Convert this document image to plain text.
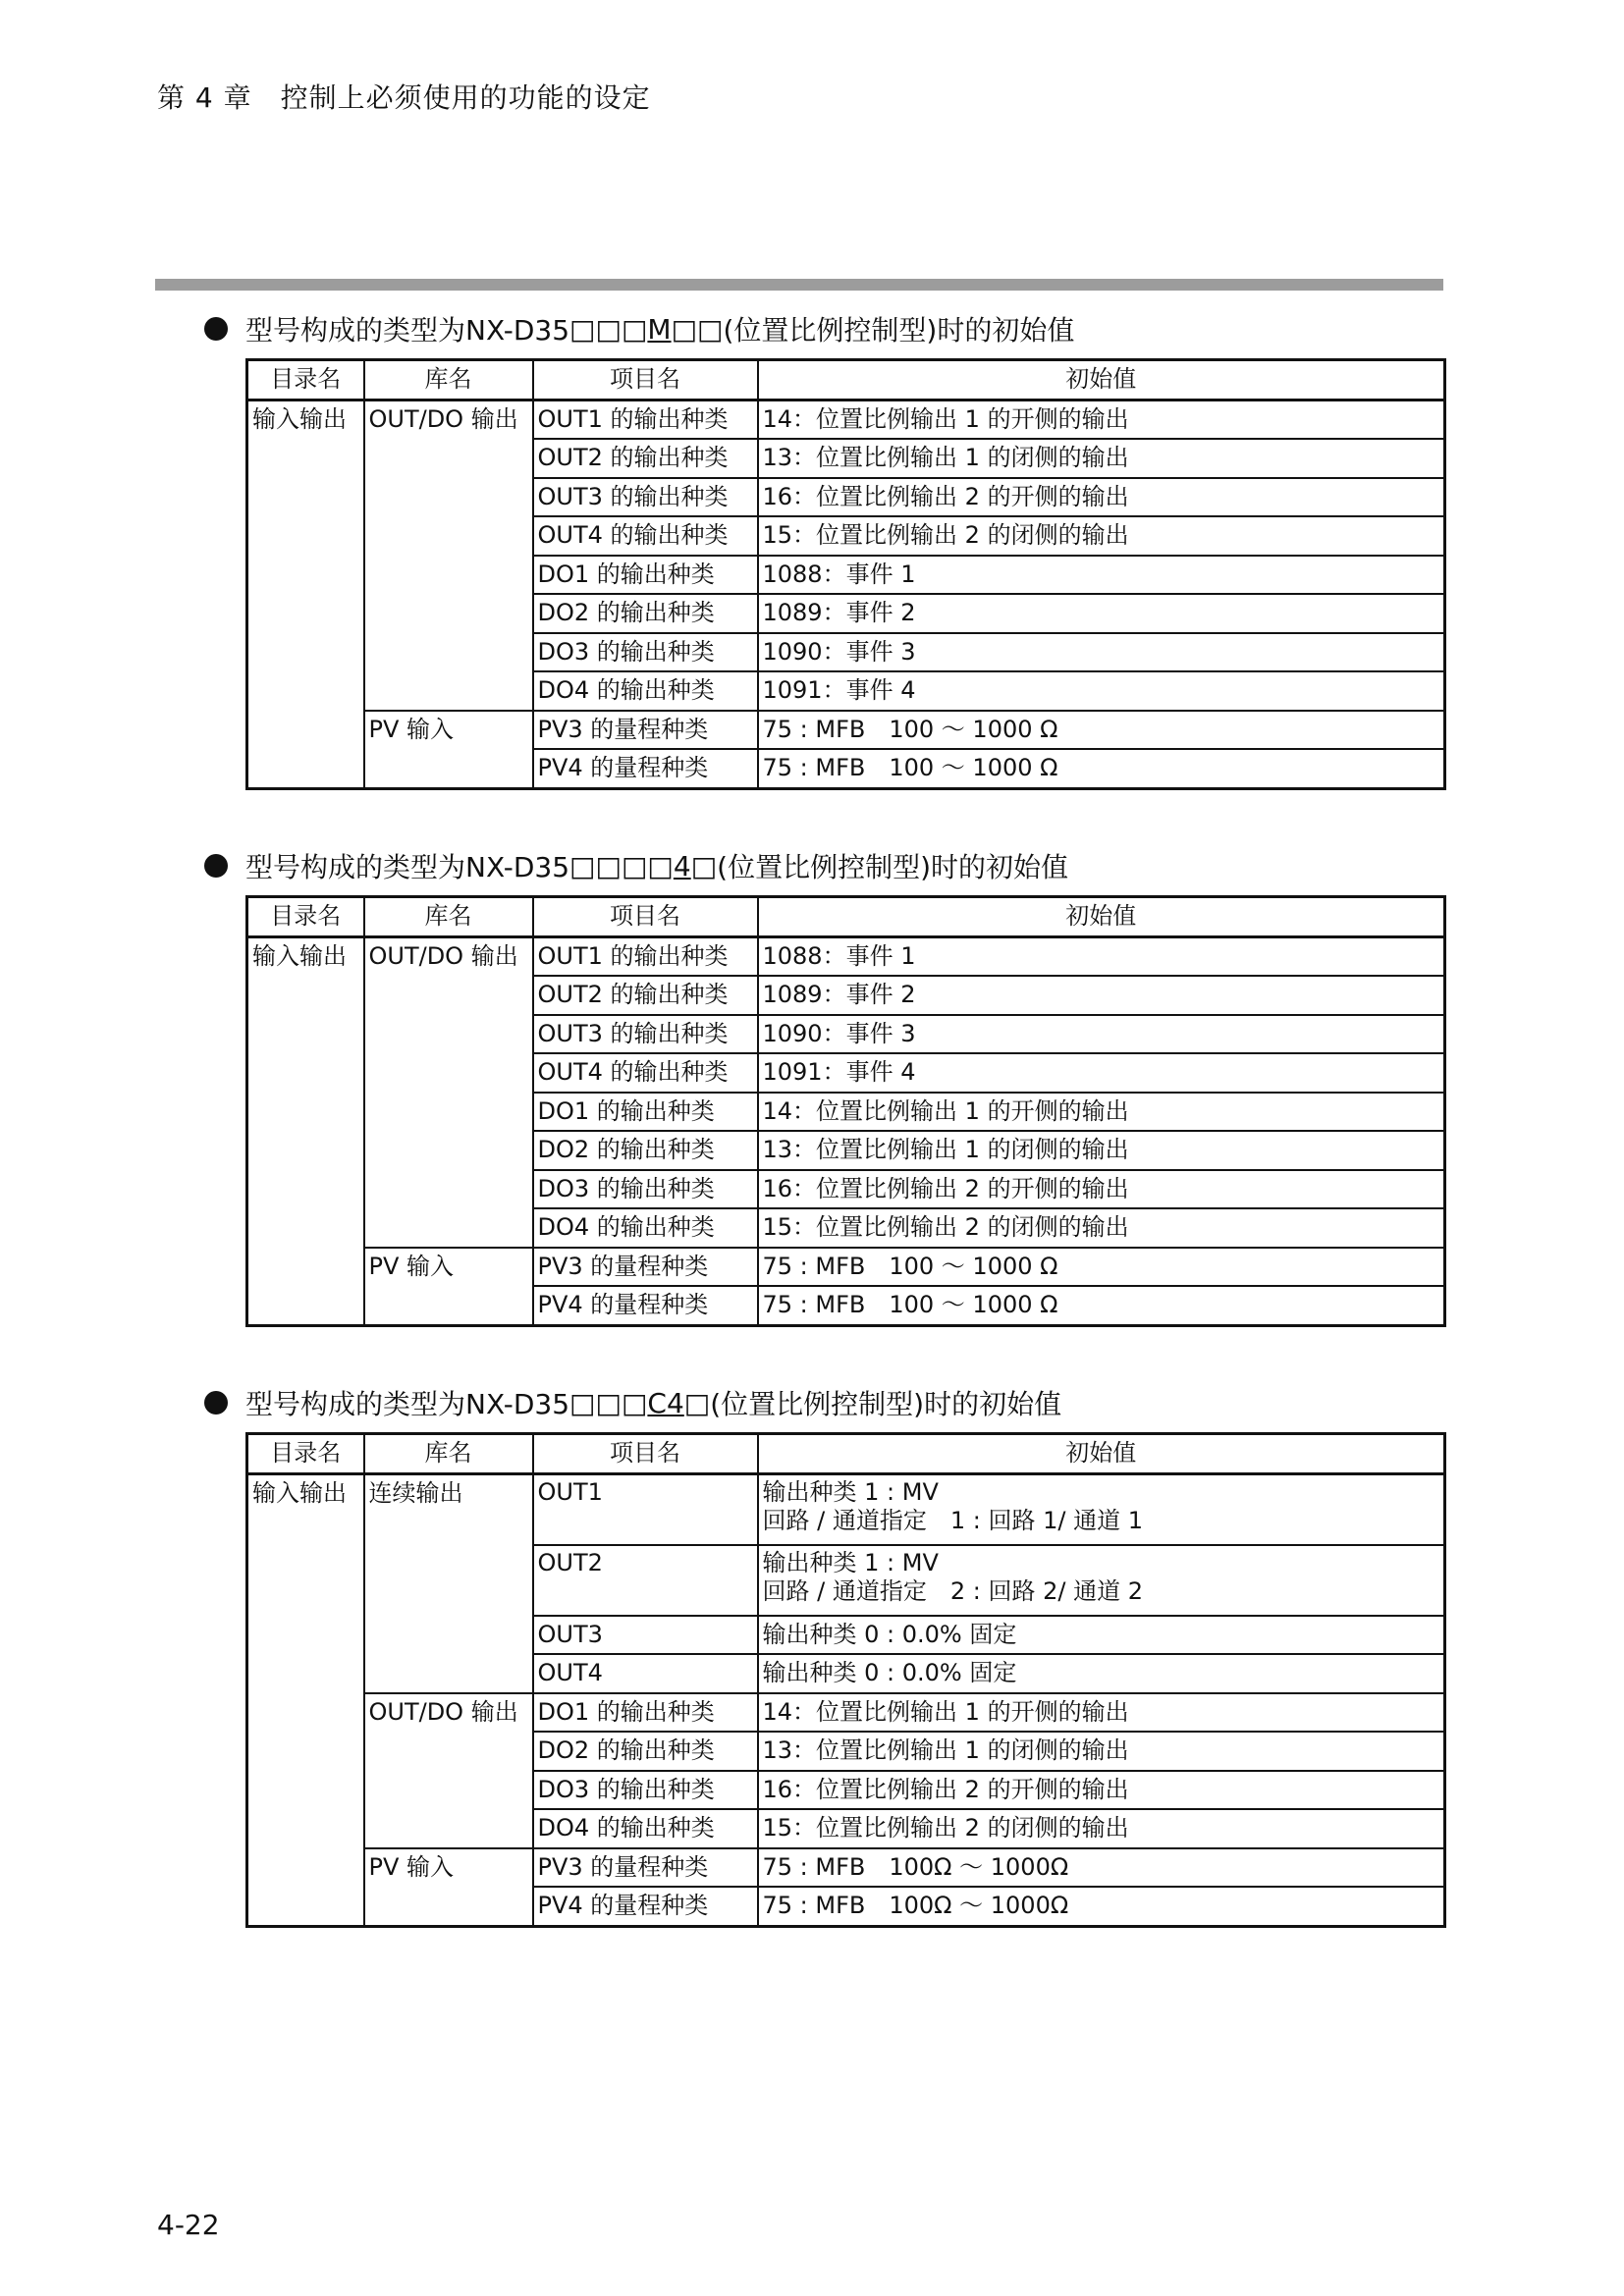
第 4 章　控制上必须使用的功能的设定
型号构成的类型为NX-D35 □□□ M □□ (位置比例控制型)时的初始值
目录名	库名	项目名	初始值
输入输出	OUT/DO 输出	OUT1 的输出种类	14：位置比例输出 1 的开侧的输出
		OUT2 的输出种类	13：位置比例输出 1 的闭侧的输出
		OUT3 的输出种类	16：位置比例输出 2 的开侧的输出
		OUT4 的输出种类	15：位置比例输出 2 的闭侧的输出
		DO1 的输出种类	1088：事件 1
		DO2 的输出种类	1089：事件 2
		DO3 的输出种类	1090：事件 3
		DO4 的输出种类	1091：事件 4
	PV 输入	PV3 的量程种类	75 : MFB　100 ～ 1000 Ω
		PV4 的量程种类	75 : MFB　100 ～ 1000 Ω
型号构成的类型为NX-D35 □□□□ 4 □ (位置比例控制型)时的初始值
目录名	库名	项目名	初始值
输入输出	OUT/DO 输出	OUT1 的输出种类	1088：事件 1
		OUT2 的输出种类	1089：事件 2
		OUT3 的输出种类	1090：事件 3
		OUT4 的输出种类	1091：事件 4
		DO1 的输出种类	14：位置比例输出 1 的开侧的输出
		DO2 的输出种类	13：位置比例输出 1 的闭侧的输出
		DO3 的输出种类	16：位置比例输出 2 的开侧的输出
		DO4 的输出种类	15：位置比例输出 2 的闭侧的输出
	PV 输入	PV3 的量程种类	75 : MFB　100 ～ 1000 Ω
		PV4 的量程种类	75 : MFB　100 ～ 1000 Ω
型号构成的类型为NX-D35 □□□ C4 □ (位置比例控制型)时的初始值
目录名	库名	项目名	初始值
输入输出	连续输出	OUT1	输出种类 1 : MV
回路 / 通道指定　1 : 回路 1/ 通道 1

		OUT2	输出种类 1 : MV
回路 / 通道指定　2 : 回路 2/ 通道 2

		OUT3	输出种类 0 : 0.0% 固定
		OUT4	输出种类 0 : 0.0% 固定
	OUT/DO 输出	DO1 的输出种类	14：位置比例输出 1 的开侧的输出
		DO2 的输出种类	13：位置比例输出 1 的闭侧的输出
		DO3 的输出种类	16：位置比例输出 2 的开侧的输出
		DO4 的输出种类	15：位置比例输出 2 的闭侧的输出
	PV 输入	PV3 的量程种类	75 : MFB　100Ω ～ 1000Ω
		PV4 的量程种类	75 : MFB　100Ω ～ 1000Ω
4-22
